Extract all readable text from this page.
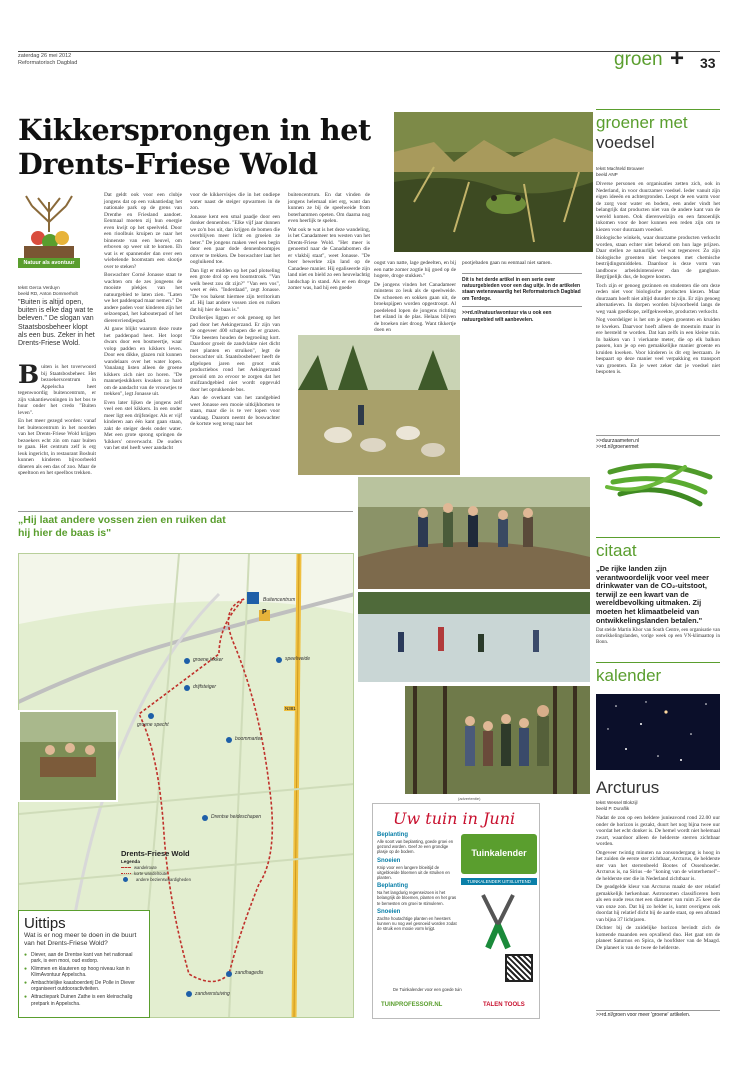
zaterdag 26 mei 2012
Reformatorisch Dagblad	groen + 33
Kikkersprongen in het
Drents-Friese Wold
Natuur als avontuur
tekst Gerca Verduyn
beeld RD, Anton Dommerholt
"Buiten is altijd open, buiten is elke dag wat te beleven." De slogan van Staatsbosbeheer klopt als een bus. Zeker in het Drents-Friese Wold.

Buiten is het toverwoord bij Staatsbosbeheer. Het bezoekerscentrum in Appelscha heet tegenwoordig buitencentrum, er zijn vakantiewoningen in het bos te huur onder het credo "Buiten leven".

En het meer gezegd worden: vanaf het buitencentrum in het noorden van het Drents-Friese Wold krijgen bezoekers echt zin om naar buiten te gaan. Het centrum zelf is erg leuk ingericht, in restaurant Boshuit kunnen kinderen bijvoorbeeld dineren als een das of zoo. Maar de speeltoon en het speelbos trekken.

Dat geldt ook voor een clubje jongens dat op een vakantiedag het nationale park op de grens van Drenthe en Friesland aandoet. Eenmaal moeten zij hun energie even kwijt op het speelveld. Door een rioolbuis kruipen ze naar het binnenste van een heuvel, om erboven op weer uit te komen. Eh wat is er spannender dan over een wiebelende boomstam een slootje over te steken?

Boswachter Corné Jonasse staat te wachten om de zes jongeens de mooiste plekjes van het natuurgebied te laten zien. "Laten we het paddenpad maar nemen." De andere paden voor kinderen zijn het selzoenpad, het kabouterpad of het dierenvriendjespad.

Al gauw blijkt waarom deze route het paddenpad heet. Het loopt dwars door een bosmeertje, waar volop padden en kikkers leven. Door een dikke, glazen ruit kunnen wandelaars over het water lopen. Vanalang listen alleen de groene kikkers zich niet zo horen. "De mannetjeskikkers kwaken zo hard om de aandacht van de vrouwtjes te trekken", legt Jonasse uit.

Even later lijken de jongens zelf veel een stel kikkers. In een onder meer ligt een drijfsteiger. Als er vijf kinderen aan één kant gaan staan, zakt de steiger deels onder water. Met een grote sprong springen de 'kikkers' onverwacht. De ouders van het stel heeft weer aandacht

voor de kikkervisjes die in het ondiepe water naast de steiger opwarmen in de zon.

Jonasse kent een smal paadje door een donker dennenbos. "Elke vijf jaar dunnen we zo'n bos uit, dan krijgen de bomen die overblijven meer licht en groeien ze beter." De jongens maken veel een begin door een paar dode dennenboompjes omver te trekken. De boswachter laat het oogluikend toe.

Dan ligt er midden op het pad plotseling een grote drol op een boomstronk. "Van welk beest zou dit zijn?" "Van een vos", weet er één. "Inderdaad", zegt Jonasse. "De vos bakent hiermee zijn territorium af. Hij laat andere vossen zien en ruiken dat hij hier de baas is."

Drollerijes liggen er ook genoeg op het pad door het Aekingerzand. Er zijn van de ongeveer 400 schapen die er grazen. "Die beesten houden de begroeiing kort. Daardoor groeit de zandvlakte niet dicht met planten en struiken", legt de boswachter uit. Staatsbosbeheer heeft de afgelopen jaren een groot stuk productiebos rond het Aekingerzand gerooid om zo ervoor te zorgen dat het stuifzandgebied niet wordt opgevuld door het oprukkende bos.

Aan de overkant van het zandgebied weet Jonasse een mooie uitkijkbomen te staan, maar die is te ver lopen voor vandaag. Daarom neemt de boswachter de kortste weg terug naar het

buitencentrum. En dat vinden de jongens helemaal niet erg, want dan kunnen ze bij de speelweide from boterhammen opeten. Om daarna nog even heerlijk te spelen.

Wat ook te wat is het deze wandeling, is het Canadameer ten westen van het Drents-Friese Wold. "Het meer is genoemd naar de Canadabomen die er vlakbij staat", weet Jonasse. "De boer bewerkte zijn land op de Canadese manier. Hij egaliseerde zijn land niet en bield zo een heuvelachtig landschap in stand. Als er een droge zomer was, had hij een goede

oogst van natte, lage gedeelten, en bij een natte zomer zogtie hij goed op de hogere, droge stukken."

De jongens vinden het Canadameer minstens zo leuk als de speelweide. De schoenen en sokken gaan uit, de broekspijpen worden opgestroopt. Al poedelend lopen de jongens richting het eiland in de plas. Helaas blijven de broeken niet droog. Want tikkertje doen en

pootjebaden gaan nu eenmaal niet samen.

Dit is het derde artikel in een serie over natuurgebieden voor een dag uitje. In de artikelen staan wetenswaardig het Reformatorisch Dagblad om Terdege.

>>rd.nl/natuur/avontuur via u ook een natuurgebied wilt aanbevelen.

„Hij laat andere vossen zien en ruiken dat hij hier de baas is"
Buitencentrum
P
groene kikker	speelweide
drijfsteiger
groene specht
boommarter
Drentse heideschapen
zandhagedis
zandverstuiving
N381
Drents-Friese Wold
Legenda
wandelroute
korte wandelroute
andere bezienswaardigheden
Uittips
Wat is er nog meer te doen in de buurt van het Drents-Friese Wold?
● Diever, aan de Drentse kant van het nationaal park, is een mooi, oud esdorp.
● Klimmen en klauteren op hoog niveau kan in KlimAvontuur Appelscha.
● Ambachtelijke kaasboerderij De Polle in Diever organiseert outdooractiviteiten.
● Attractiepark Duinen Zathe is een kleinschalig pretpark in Appelscha.
(advertentie)
Uw tuin in Juni
Beplanting
Alle soort van beplanting, goede groei en gezond worden. Geef ze een grondige plasje op de bodem.
Snoeien
Knip voor een langere bloeitijd de uitgebloeide bloemen uit de struiken en planten.
Beplanting
Na het langdurig regenseizoen is het belangrijk de bloemen, planten en het gras te bemesten om groei te stimuleren.
Snoeien
Zachte houtachtige planten en heesters kunnen nu nog wel gesnoeid worden zodat de struik een mooie vorm krijgt.
Tuinkalender
TUINKALENDER UITSLUITEND
De Tuinkalender voor een goede tuin
TUINPROFESSOR.NL	TALEN TOOLS
groener met
voedsel
tekst Machteld Brouwer
beeld ANP

Diverse personen en organisaties zetten zich, ook in Nederland, in voor duurzamer voedsel. Ieder vanuit zijn eigen ideeën en achtergronden. Leopt de een warm voor de zorg voor water en bodem, een ander vindt het belangrijk dat producten niet van de andere kant van de wereld komen. Ook dierenwelzijn en een fatsoenlijk inkomen voor de boer kunnen een reden zijn om te kiezen voor duurzaam voedsel.

Biologische winkels, waar duurzame producten verkocht worden, staan echter niet bekend om hun lage prijzen. Daar stellen ze natuurlijk wel wat tegenover. Zo zijn biologische groenten niet bespoten met chemische bestrijdingsmiddelen. Daardoor is deze vorm van landbouw arbeidsintensiever dan de gangbare. Begrijpelijk dus, de hogere kosten.

Toch zijn er genoeg gezinnen en studenten die om deze reden niet voor biologische producten kiezen. Maar duurzaam hoeft niet altijd duurder te zijn. Er zijn genoeg alternatieven. In dorpen worden bijvoorbeeld langs de weg vaak goedkope, zelfgekweekte, producten verkocht.

Nog voordeliger is het om je eigen groenten en kruiden te kweken. Daarvoor hoeft alleen de moestuin maar in ere hersteld te worden. Dat kan zelfs in een kleine tuin. In bakken van 1 vierkante meter, die op elk balkon passen, kun je op een gemakkelijke manier groente en kruiden kweken. Voor kinderen is dit erg leerzaam. Je bespaart op deze manier veel verpakking en transport van groenten. En je weet zeker dat je voedsel niet bespoten is.

>>duurzaameten.nl
>>rd.nl/groenermet
citaat
„De rijke landen zijn verantwoordelijk voor veel meer drinkwater van de CO₂-uitstoot, terwijl ze een kwart van de wereldbevolking uitmaken. Zij moeten het klimaatbeleid van ontwikkelingslanden betalen."
Dat stelde Martin Khor van South Centre, een organisatie van ontwikkelingslanden, vorige week op een VN-klimaattop in Bonn.
kalender
Arcturus
tekst Wessel Blokzijl
beeld P. Duraflik

Nadat de zon op een heldere junieavond rond 22.00 uur onder de horizon is gezakt, duurt het nog bijna twee uur voordat het echt donker is. De hemel wordt niet helemaal zwart, waardoor alleen de helderste sterren zichtbaar worden.

Ongeveer twintig minuten na zonsondergang is hoog in het zuiden de eerste ster zichtbaar, Arcturus, de helderste ster van het sterrenbeeld Bootes of Ossenhoeder. Arcturus is, na Sirius –de "koning van de winterhemel"– de helderste ster die in Nederland zichtbaar is.

De geadgelde kleur van Arcturus maakt de ster relatief gemakkelijk herkenbaar. Astronomen classificeren hem als een oude reus met een diameter van ruim 25 keer die van onze zon. Dat hij zo helder is, komt overigens ook doordat hij relatief dicht bij de aarde staat, op een afstand van bijna 37 lichtjaren.

Dichter bij de zuidelijke horizon bevindt zich de komende maanden een opvallend duo. Het gaat om de planeet Saturnus en Spica, de hoofdster van de Maagd. De planeet is van de twee de helderste.

>>rd.nl/groen voor meer 'groene' artikelen.
